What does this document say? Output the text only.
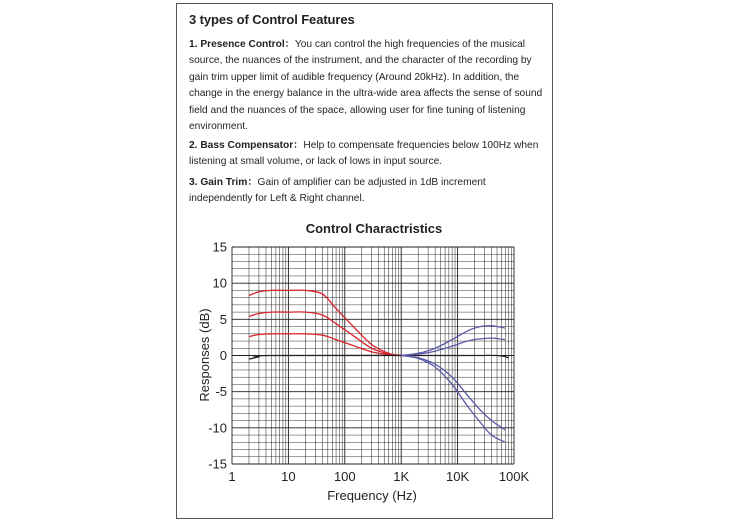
3 types of Control Features
1. Presence Control：You can control the high frequencies of the musical source, the nuances of the instrument, and the character of the recording by gain trim upper limit of audible frequency (Around 20kHz). In addition, the change in the energy balance in the ultra-wide area affects the sense of sound field and the nuances of the space, allowing user for fine tuning of listening environment.
2. Bass Compensator：Help to compensate frequencies below 100Hz when listening at small volume, or lack of lows in input source.
3. Gain Trim：Gain of amplifier can be adjusted in 1dB increment independently for Left & Right channel.
Control Charactristics
15
10
5
0
-5
-10
-15
1	10	100	1K	10K 100K
Frequency (Hz)
Responses (dB)
